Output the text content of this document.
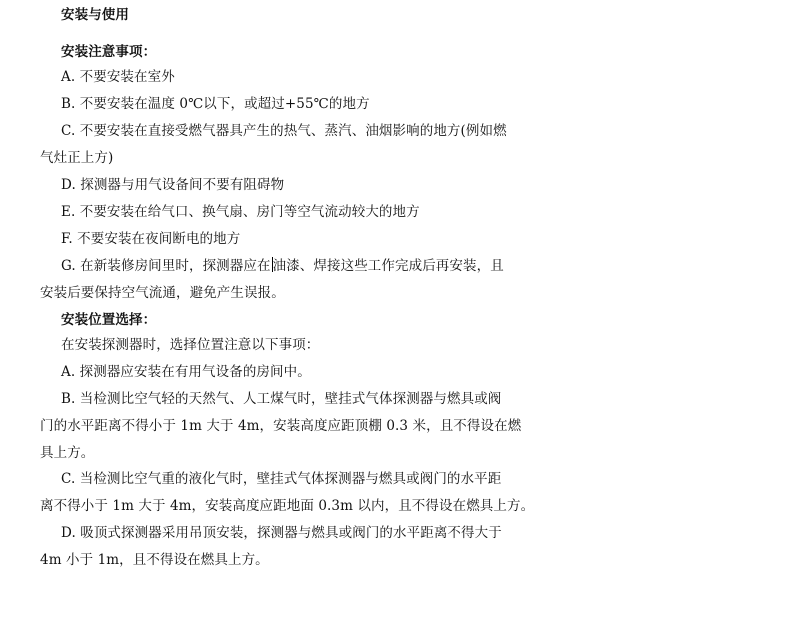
安装与使用
安装注意事项：
A. 不要安装在室外
B. 不要安装在温度 0℃以下，或超过+55℃的地方
C. 不要安装在直接受燃气器具产生的热气、蒸汽、油烟影响的地方(例如燃
气灶正上方)
D. 探测器与用气设备间不要有阻碍物
E. 不要安装在给气口、换气扇、房门等空气流动较大的地方
F. 不要安装在夜间断电的地方
G. 在新装修房间里时，探测器应在 油漆、焊接这些工作完成后再安装，且
安装后要保持空气流通，避免产生误报。
安装位置选择：
在安装探测器时，选择位置注意以下事项：
A. 探测器应安装在有用气设备的房间中。
B. 当检测比空气轻的天然气、人工煤气时，壁挂式气体探测器与燃具或阀
门的水平距离不得小于 1m 大于 4m，安装高度应距顶棚 0.3 米，且不得设在燃
具上方。
C. 当检测比空气重的液化气时，壁挂式气体探测器与燃具或阀门的水平距
离不得小于 1m 大于 4m，安装高度应距地面 0.3m 以内，且不得设在燃具上方。
D. 吸顶式探测器采用吊顶安装，探测器与燃具或阀门的水平距离不得大于
4m 小于 1m，且不得设在燃具上方。
